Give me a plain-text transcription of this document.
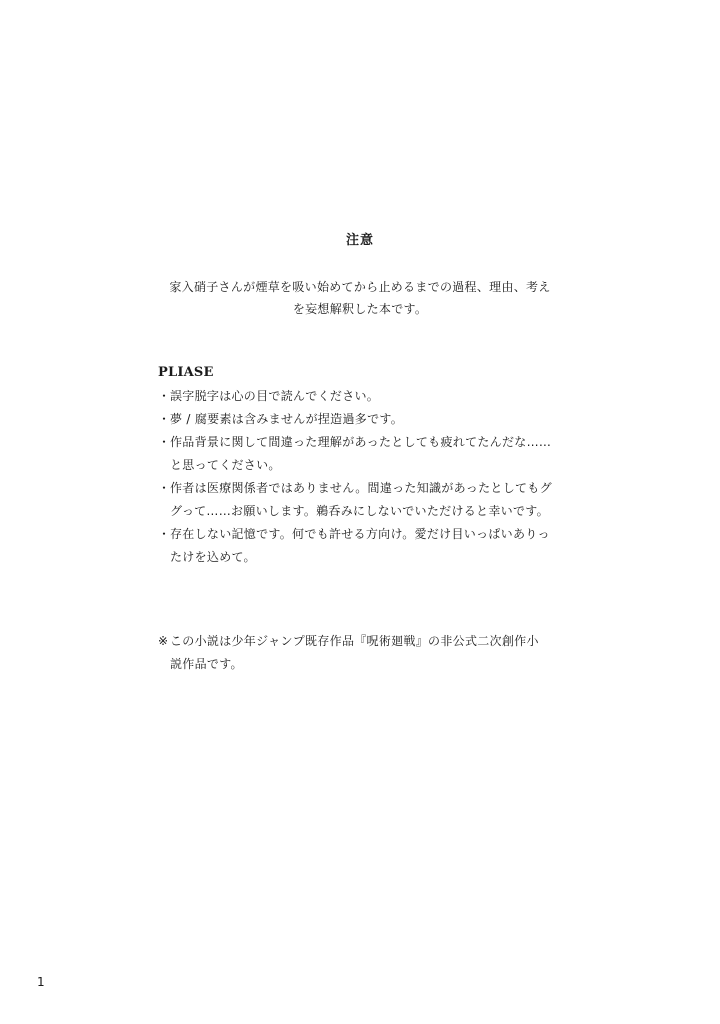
注意
家入硝子さんが煙草を吸い始めてから止めるまでの過程、理由、考え
を妄想解釈した本です。
PLIASE
・ 誤字脱字は心の目で読んでください。
・ 夢 / 腐要素は含みませんが捏造過多です。
・ 作品背景に関して間違った理解があったとしても疲れてたんだな……
と思ってください。
・ 作者は医療関係者ではありません。間違った知識があったとしてもグ
グって……お願いします。鵜呑みにしないでいただけると幸いです。
・ 存在しない記憶です。何でも許せる方向け。愛だけ目いっぱいありっ
たけを込めて。
※ この小説は少年ジャンプ既存作品『呪術廻戦』の非公式二次創作小
説作品です。
1
